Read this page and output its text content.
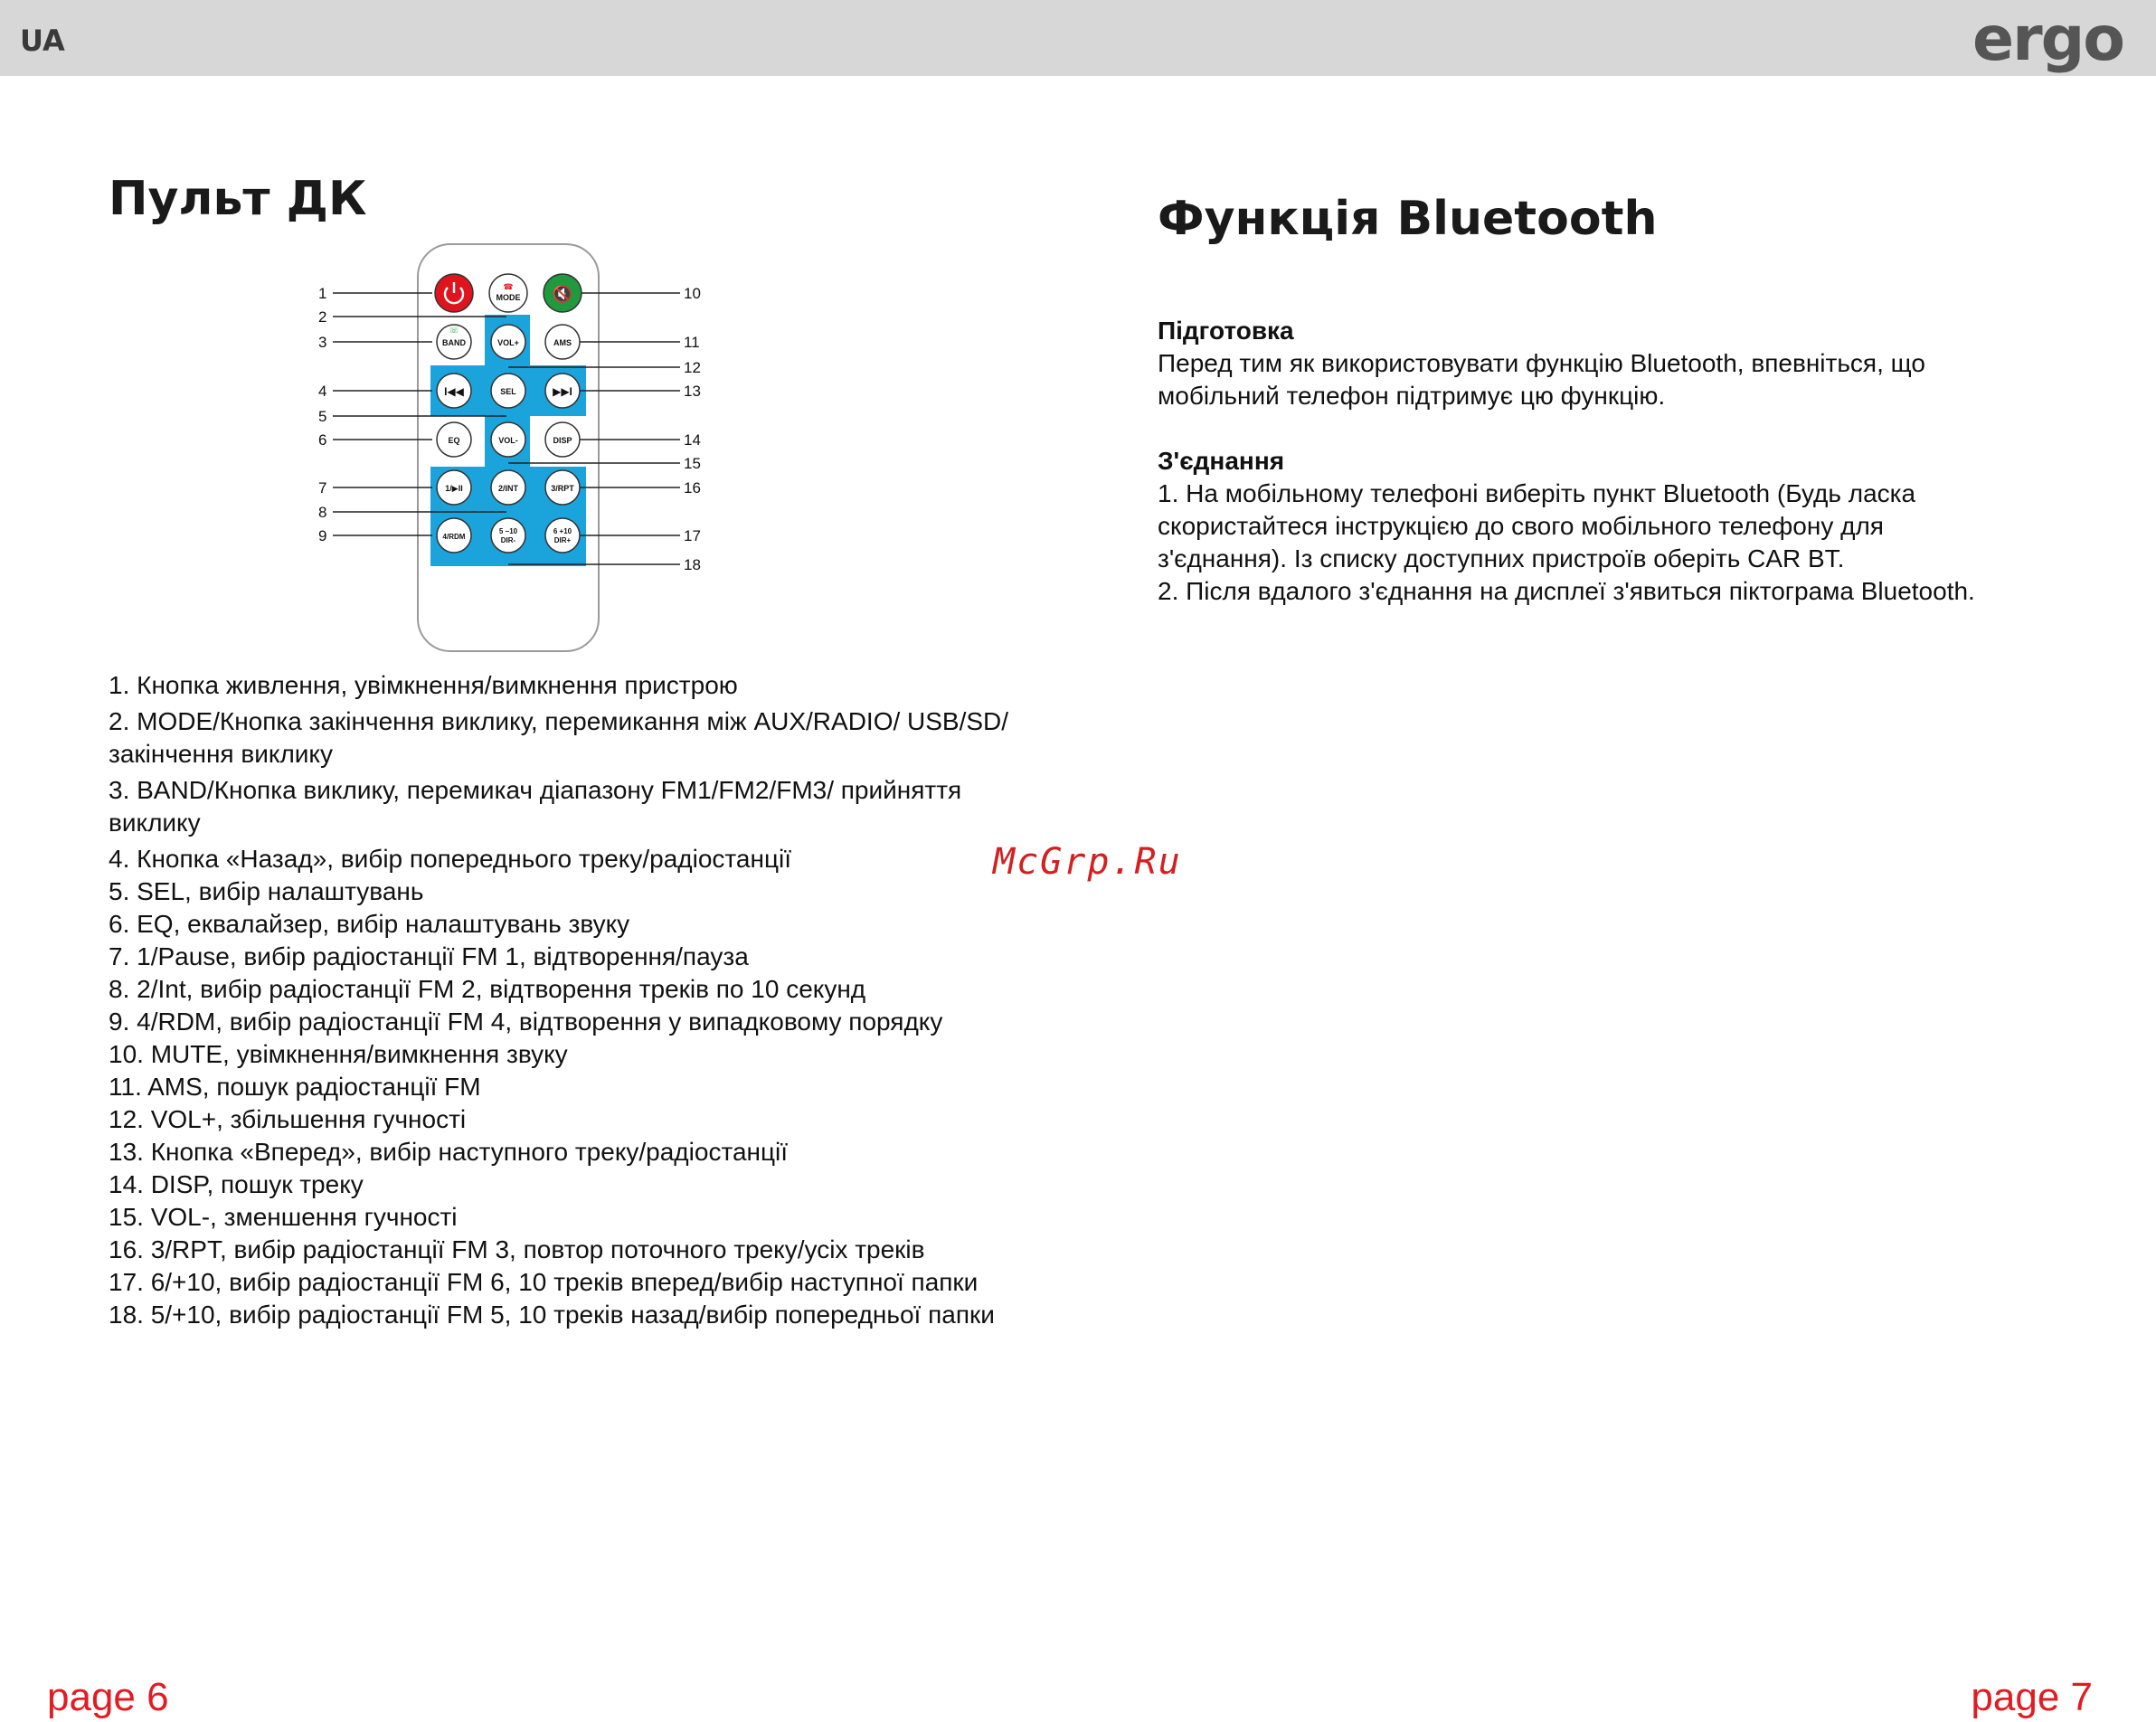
UA	ergo
Пульт ДК
☎
MODE 🔇
☏
BAND	VOL+	AMS
I◀◀	SEL	▶▶I
EQ	VOL-	DISP
1/▶II	2/INT	3/RPT
4/RDM
5 −10
DIR-
6 +10
DIR+
1
2
3
4
5
6
7
8
9
10
11
12
13
14
15
16
17
18

1. Кнопка живлення, увімкнення/вимкнення пристрою

2. MODE/Кнопка закінчення виклику, перемикання між AUX/RADIO/ USB/SD/закінчення виклику

3. BAND/Кнопка виклику, перемикач діапазону FM1/FM2/FM3/ прийняття виклику

4. Кнопка «Назад», вибір попереднього треку/радіостанції

5. SEL, вибір налаштувань

6. EQ, еквалайзер, вибір налаштувань звуку

7. 1/Pause, вибір радіостанції FM 1, відтворення/пауза

8. 2/Int, вибір радіостанції FM 2, відтворення треків по 10 секунд

9. 4/RDM, вибір радіостанції FM 4, відтворення у випадковому порядку

10. MUTE, увімкнення/вимкнення звуку

11. AMS, пошук радіостанції FM

12. VOL+, збільшення гучності

13. Кнопка «Вперед», вибір наступного треку/радіостанції

14. DISP, пошук треку

15. VOL-, зменшення гучності

16. 3/RPT, вибір радіостанції FM 3, повтор поточного треку/усіх треків

17. 6/+10, вибір радіостанції FM 6, 10 треків вперед/вибір наступної папки

18. 5/+10, вибір радіостанції FM 5, 10 треків назад/вибір попередньої папки

Функція Bluetooth

Підготовка

Перед тим як використовувати функцію Bluetooth, впевніться, що мобільний телефон підтримує цю функцію.

З'єднання

1. На мобільному телефоні виберіть пункт Bluetooth (Будь ласка скористайтеся інструкцією до свого мобільного телефону для з'єднання). Із списку доступних пристроїв оберіть CAR BT.

2. Після вдалого з'єднання на дисплеї з'явиться піктограма Bluetooth.

McGrp.Ru
page 6	page 7
